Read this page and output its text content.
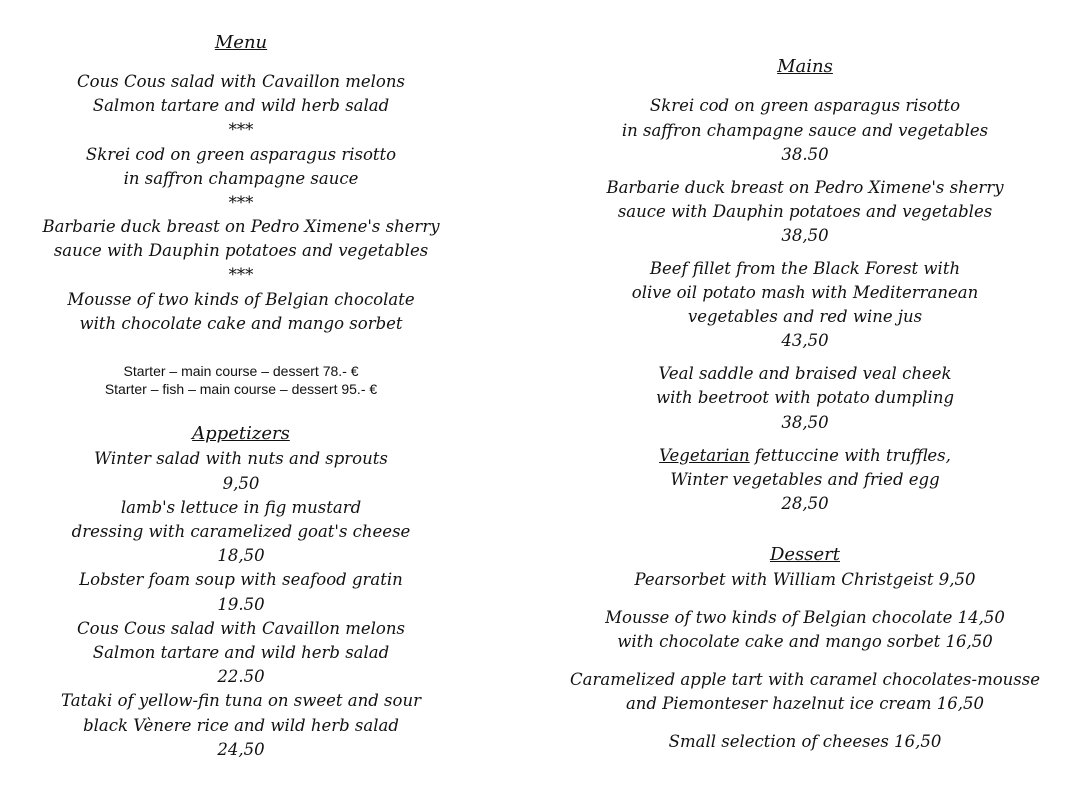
Menu
Cous Cous salad with Cavaillon melons
Salmon tartare and wild herb salad
***
Skrei cod on green asparagus risotto
in saffron champagne sauce
***
Barbarie duck breast on Pedro Ximene's sherry
sauce with Dauphin potatoes and vegetables
***
Mousse of two kinds of Belgian chocolate
with chocolate cake and mango sorbet
Starter – main course – dessert 78.- €
Starter – fish – main course – dessert 95.- €
Appetizers
Winter salad with nuts and sprouts
9,50
lamb's lettuce in fig mustard
dressing with caramelized goat's cheese
18,50
Lobster foam soup with seafood gratin
19.50
Cous Cous salad with Cavaillon melons
Salmon tartare and wild herb salad
22.50
Tataki of yellow-fin tuna on sweet and sour
black Vènere rice and wild herb salad
24,50
Mains
Skrei cod on green asparagus risotto
in saffron champagne sauce and vegetables
38.50
Barbarie duck breast on Pedro Ximene's sherry
sauce with Dauphin potatoes and vegetables
38,50
Beef fillet from the Black Forest with
olive oil potato mash with Mediterranean
vegetables and red wine jus
43,50
Veal saddle and braised veal cheek
with beetroot with potato dumpling
38,50
Vegetarian fettuccine with truffles,
Winter vegetables and fried egg
28,50
Dessert
Pearsorbet with William Christgeist 9,50
Mousse of two kinds of Belgian chocolate 14,50
with chocolate cake and mango sorbet 16,50
Caramelized apple tart with caramel chocolates-mousse
and Piemonteser hazelnut ice cream 16,50
Small selection of cheeses 16,50
